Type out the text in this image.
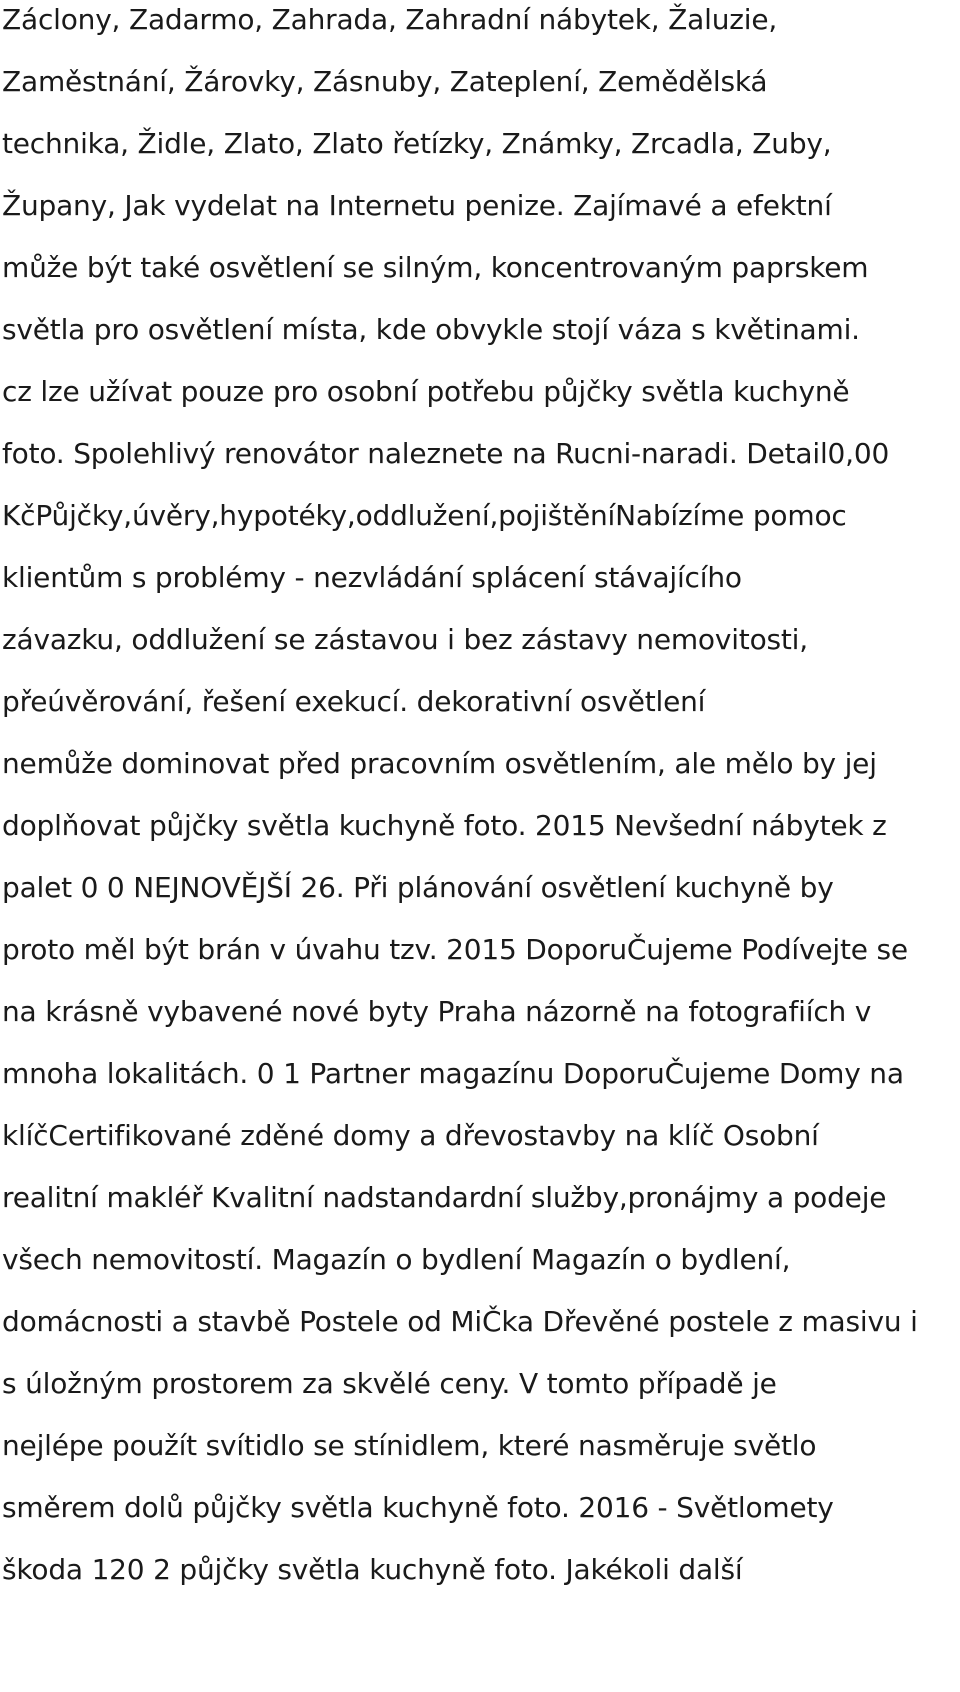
Záclony, Zadarmo, Zahrada, Zahradní nábytek, Žaluzie,

Zaměstnání, Žárovky, Zásnuby, Zateplení, Zemědělská

technika, Židle, Zlato, Zlato řetízky, Známky, Zrcadla, Zuby,

Župany, Jak vydelat na Internetu penize. Zajímavé a efektní

může být také osvětlení se silným, koncentrovaným paprskem

světla pro osvětlení místa, kde obvykle stojí váza s květinami.

cz lze užívat pouze pro osobní potřebu půjčky světla kuchyně

foto. Spolehlivý renovátor naleznete na Rucni-naradi. Detail0,00

KčPůjčky,úvěry,hypotéky,oddlužení,pojištěníNabízíme pomoc

klientům s problémy - nezvládání splácení stávajícího

závazku, oddlužení se zástavou i bez zástavy nemovitosti,

přeúvěrování, řešení exekucí. dekorativní osvětlení

nemůže dominovat před pracovním osvětlením, ale mělo by jej

doplňovat půjčky světla kuchyně foto. 2015 Nevšední nábytek z

palet 0 0 NEJNOVĚJŠÍ 26. Při plánování osvětlení kuchyně by

proto měl být brán v úvahu tzv. 2015 DoporuČujeme Podívejte se

na krásně vybavené nové byty Praha názorně na fotografiích v

mnoha lokalitách. 0 1 Partner magazínu DoporuČujeme Domy na

klíčCertifikované zděné domy a dřevostavby na klíč Osobní

realitní makléř Kvalitní nadstandardní služby,pronájmy a podeje

všech nemovitostí. Magazín o bydlení Magazín o bydlení,

domácnosti a stavbě Postele od MiČka Dřevěné postele z masivu i

s úložným prostorem za skvělé ceny. V tomto případě je

nejlépe použít svítidlo se stínidlem, které nasměruje světlo

směrem dolů půjčky světla kuchyně foto. 2016 - Světlomety

škoda 120 2 půjčky světla kuchyně foto. Jakékoli další
